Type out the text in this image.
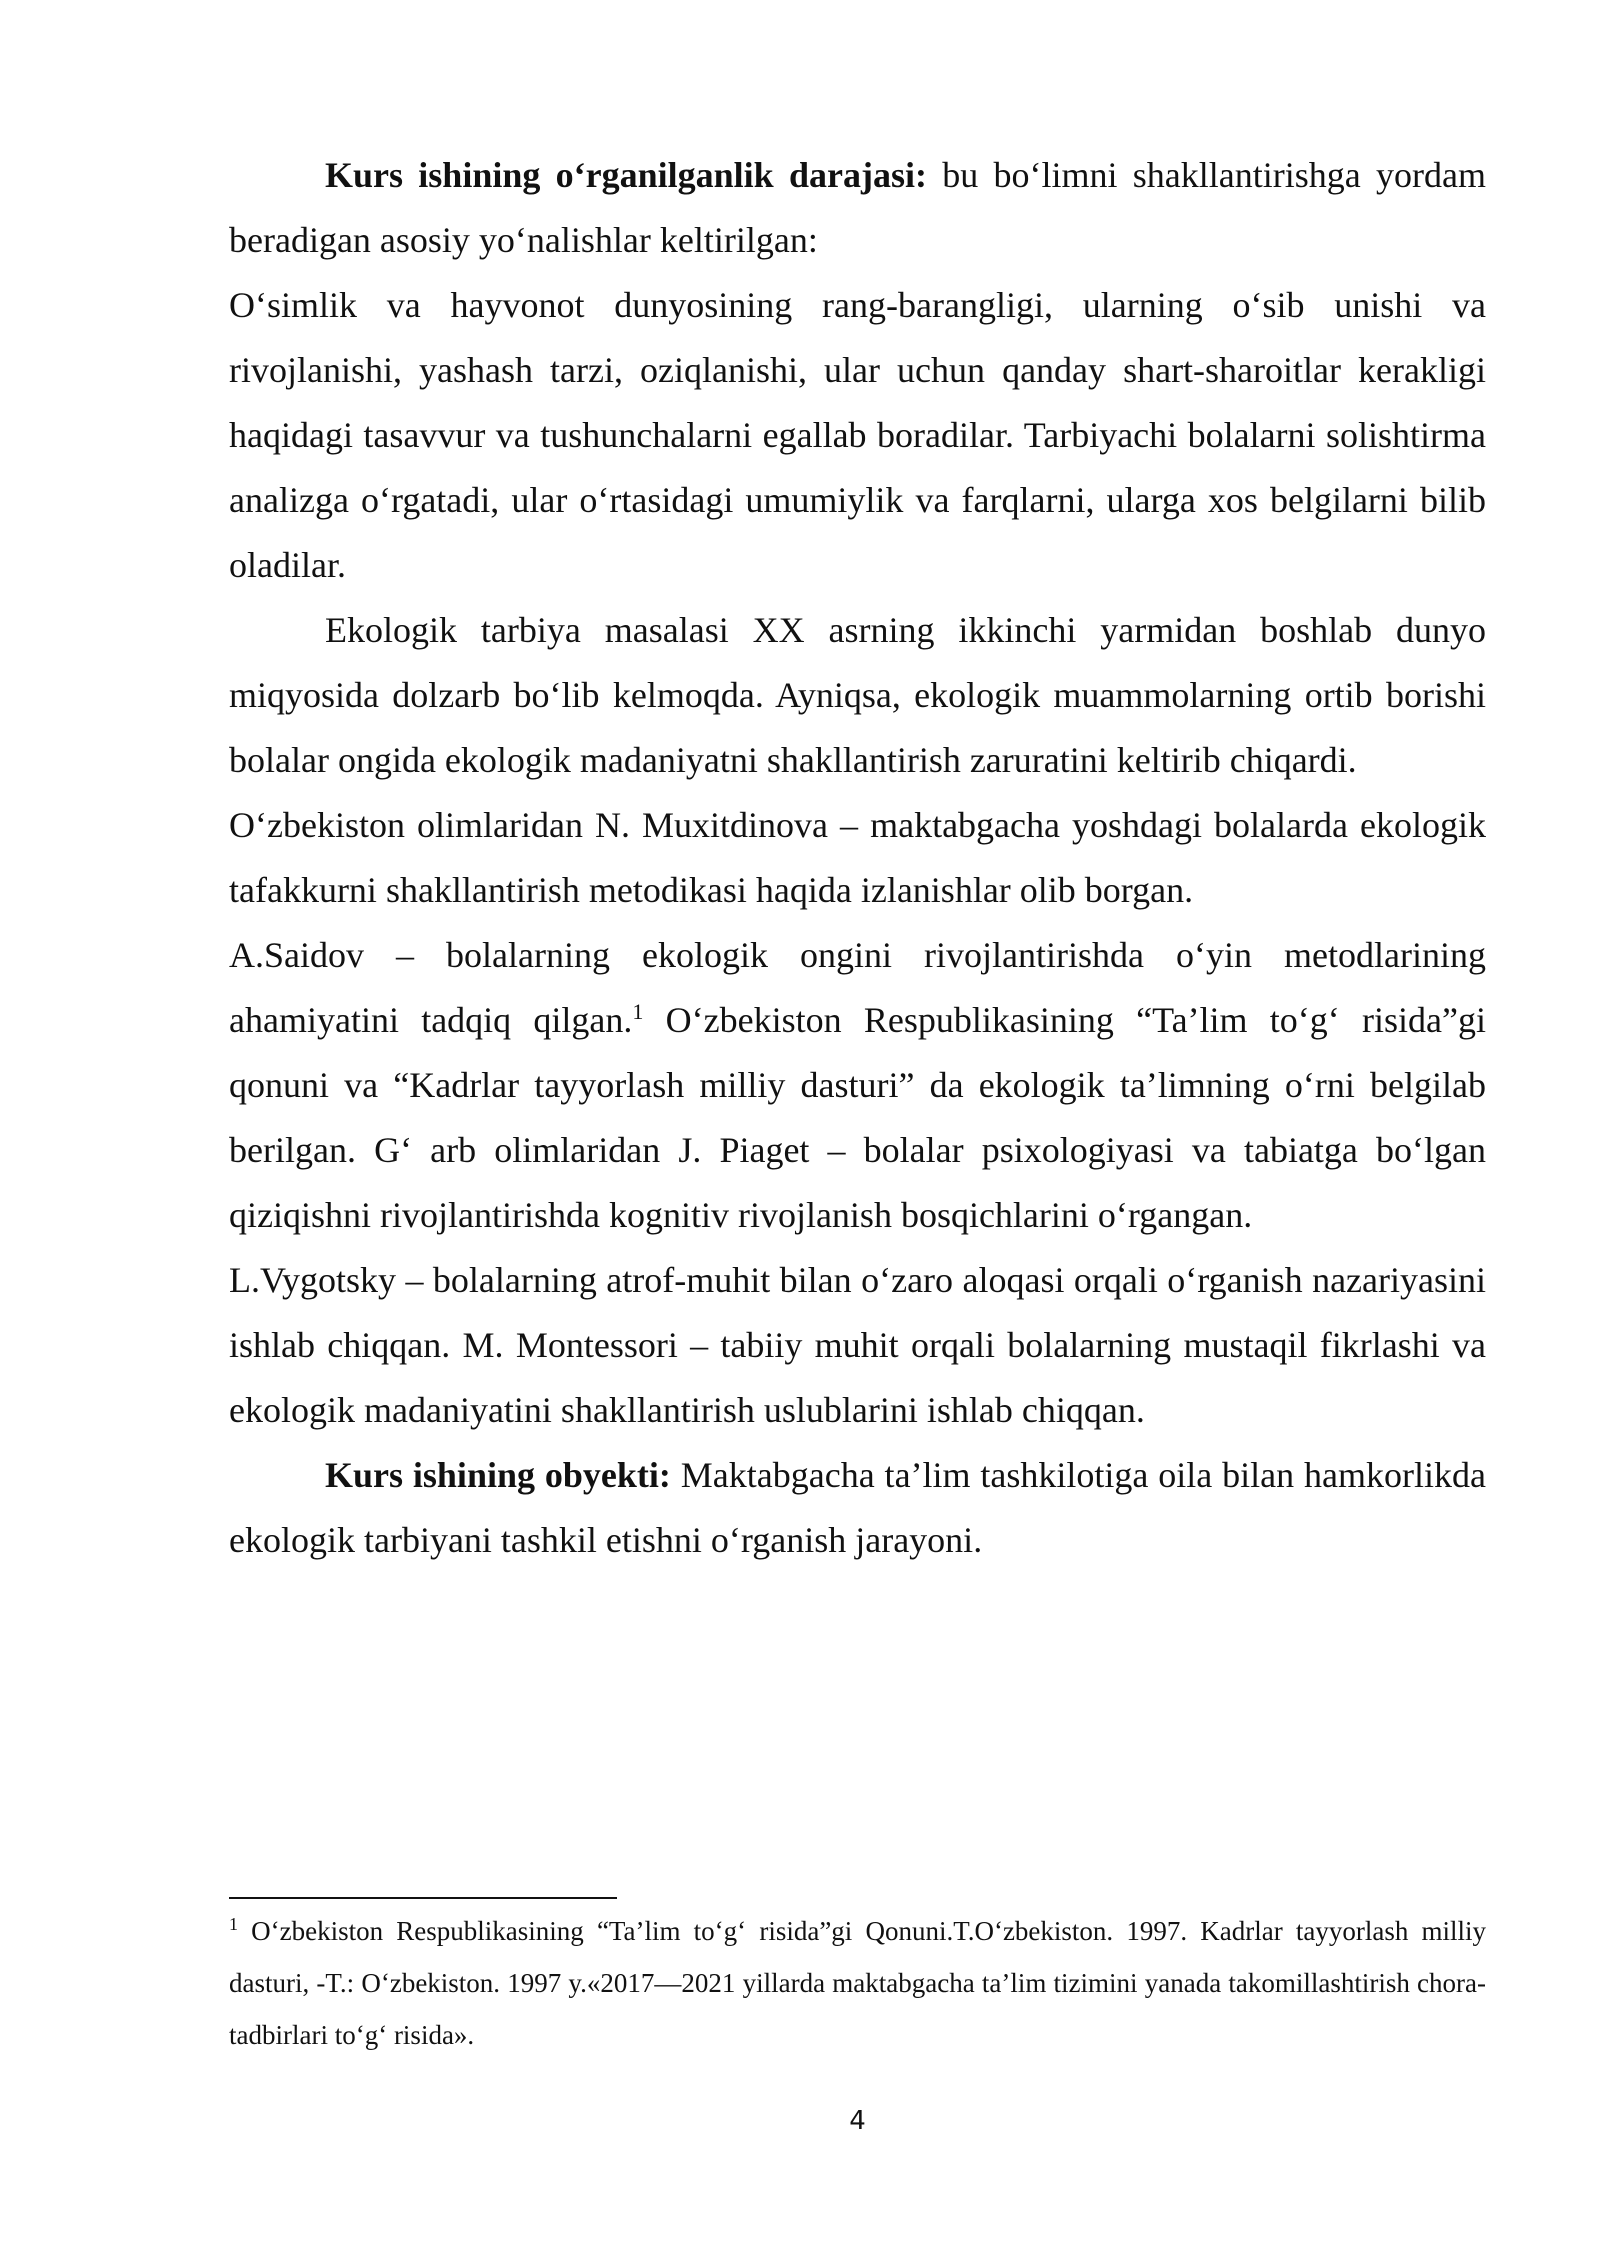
Kurs ishining o‘rganilganlik darajasi: bu bo‘limni shakllantirishga yordam beradigan asosiy yo‘nalishlar keltirilgan:

O‘simlik va hayvonot dunyosining rang-barangligi, ularning o‘sib unishi va rivojlanishi, yashash tarzi, oziqlanishi, ular uchun qanday shart-sharoitlar kerakligi haqidagi tasavvur va tushunchalarni egallab boradilar. Tarbiyachi bolalarni solishtirma analizga o‘rgatadi, ular o‘rtasidagi umumiylik va farqlarni, ularga xos belgilarni bilib oladilar.

Ekologik tarbiya masalasi XX asrning ikkinchi yarmidan boshlab dunyo miqyosida dolzarb bo‘lib kelmoqda. Ayniqsa, ekologik muammolarning ortib borishi bolalar ongida ekologik madaniyatni shakllantirish zaruratini keltirib chiqardi.

O‘zbekiston olimlaridan N. Muxitdinova – maktabgacha yoshdagi bolalarda ekologik tafakkurni shakllantirish metodikasi haqida izlanishlar olib borgan.

A.Saidov – bolalarning ekologik ongini rivojlantirishda o‘yin metodlarining ahamiyatini tadqiq qilgan.$^1$ O‘zbekiston Respublikasining “Ta’lim to‘g‘ risida”gi qonuni va “Kadrlar tayyorlash milliy dasturi” da ekologik ta’limning o‘rni belgilab berilgan. G‘ arb olimlaridan J. Piaget – bolalar psixologiyasi va tabiatga bo‘lgan qiziqishni rivojlantirishda kognitiv rivojlanish bosqichlarini o‘rgangan.

L.Vygotsky – bolalarning atrof-muhit bilan o‘zaro aloqasi orqali o‘rganish nazariyasini ishlab chiqqan. M. Montessori – tabiiy muhit orqali bolalarning mustaqil fikrlashi va ekologik madaniyatini shakllantirish uslublarini ishlab chiqqan.

Kurs ishining obyekti: Maktabgacha ta’lim tashkilotiga oila bilan hamkorlikda ekologik tarbiyani tashkil etishni o‘rganish jarayoni.

$^1$ O‘zbekiston Respublikasining “Ta’lim to‘g‘ risida”gi Qonuni.T.O‘zbekiston. 1997. Kadrlar tayyorlash milliy dasturi, -T.: O‘zbekiston. 1997 y.«2017—2021 yillarda maktabgacha ta’lim tizimini yanada takomillashtirish chora-tadbirlari to‘g‘ risida».

4
